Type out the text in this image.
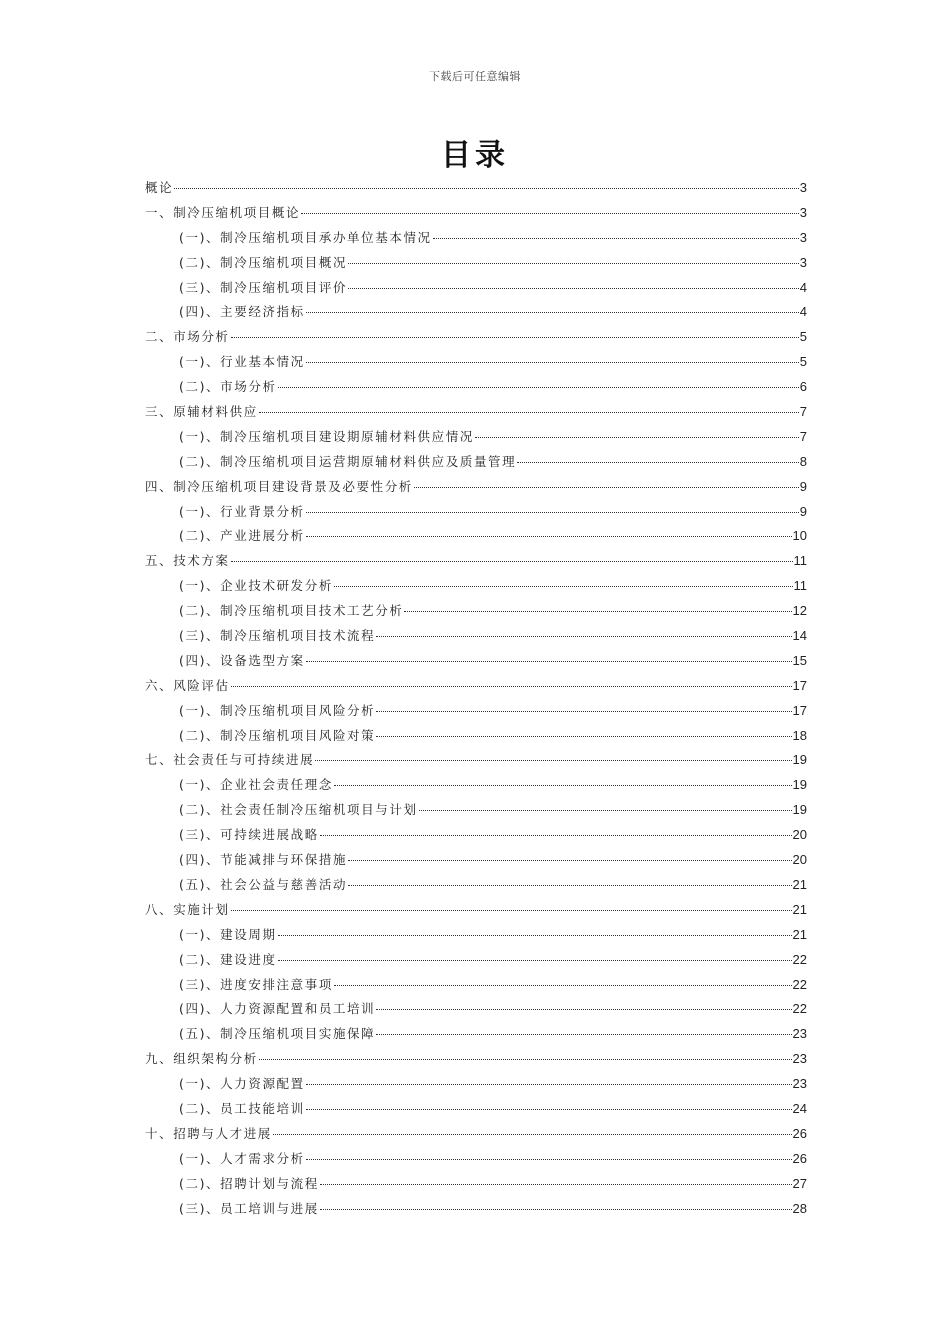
下载后可任意编辑
目录
概论	3
一、制冷压缩机项目概论	3
(一)、制冷压缩机项目承办单位基本情况	3
(二)、制冷压缩机项目概况	3
(三)、制冷压缩机项目评价	4
(四)、主要经济指标	4
二、市场分析	5
(一)、行业基本情况	5
(二)、市场分析	6
三、原辅材料供应	7
(一)、制冷压缩机项目建设期原辅材料供应情况	7
(二)、制冷压缩机项目运营期原辅材料供应及质量管理	8
四、制冷压缩机项目建设背景及必要性分析	9
(一)、行业背景分析	9
(二)、产业进展分析	10
五、技术方案	11
(一)、企业技术研发分析	11
(二)、制冷压缩机项目技术工艺分析	12
(三)、制冷压缩机项目技术流程	14
(四)、设备选型方案	15
六、风险评估	17
(一)、制冷压缩机项目风险分析	17
(二)、制冷压缩机项目风险对策	18
七、社会责任与可持续进展	19
(一)、企业社会责任理念	19
(二)、社会责任制冷压缩机项目与计划	19
(三)、可持续进展战略	20
(四)、节能减排与环保措施	20
(五)、社会公益与慈善活动	21
八、实施计划	21
(一)、建设周期	21
(二)、建设进度	22
(三)、进度安排注意事项	22
(四)、人力资源配置和员工培训	22
(五)、制冷压缩机项目实施保障	23
九、组织架构分析	23
(一)、人力资源配置	23
(二)、员工技能培训	24
十、招聘与人才进展	26
(一)、人才需求分析	26
(二)、招聘计划与流程	27
(三)、员工培训与进展	28
